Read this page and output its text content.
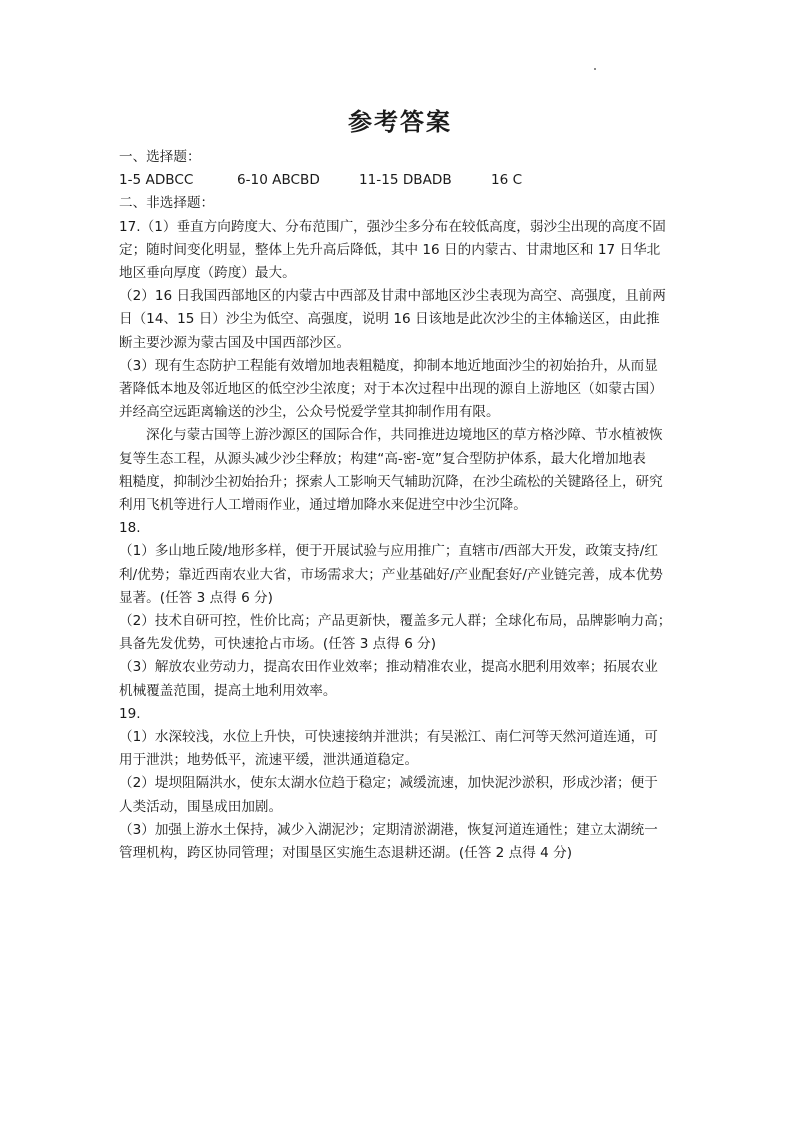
参考答案
一、选择题：
1-5 ADBCC	6-10 ABCBD	11-15 DBADB	16 C
二、非选择题：
17.（1）垂直方向跨度大、分布范围广，强沙尘多分布在较低高度，弱沙尘出现的高度不固
定；随时间变化明显，整体上先升高后降低，其中 16 日的内蒙古、甘肃地区和 17 日华北
地区垂向厚度（跨度）最大。
（2）16 日我国西部地区的内蒙古中西部及甘肃中部地区沙尘表现为高空、高强度，且前两
日（14、15 日）沙尘为低空、高强度，说明 16 日该地是此次沙尘的主体输送区，由此推
断主要沙源为蒙古国及中国西部沙区。
（3）现有生态防护工程能有效增加地表粗糙度，抑制本地近地面沙尘的初始抬升，从而显
著降低本地及邻近地区的低空沙尘浓度；对于本次过程中出现的源自上游地区（如蒙古国）
并经高空远距离输送的沙尘，公众号悦爱学堂其抑制作用有限。
深化与蒙古国等上游沙源区的国际合作，共同推进边境地区的草方格沙障、节水植被恢
复等生态工程，从源头减少沙尘释放；构建“高-密-宽”复合型防护体系，最大化增加地表
粗糙度，抑制沙尘初始抬升；探索人工影响天气辅助沉降，在沙尘疏松的关键路径上，研究
利用飞机等进行人工增雨作业，通过增加降水来促进空中沙尘沉降。
18.
（1）多山地丘陵/地形多样，便于开展试验与应用推广；直辖市/西部大开发，政策支持/红
利/优势；靠近西南农业大省，市场需求大；产业基础好/产业配套好/产业链完善，成本优势
显著。(任答 3 点得 6 分)
（2）技术自研可控，性价比高；产品更新快，覆盖多元人群；全球化布局，品牌影响力高；
具备先发优势，可快速抢占市场。(任答 3 点得 6 分)
（3）解放农业劳动力，提高农田作业效率；推动精准农业，提高水肥利用效率；拓展农业
机械覆盖范围，提高土地利用效率。
19.
（1）水深较浅，水位上升快，可快速接纳并泄洪；有吴淞江、南仁河等天然河道连通，可
用于泄洪；地势低平，流速平缓，泄洪通道稳定。
（2）堤坝阻隔洪水，使东太湖水位趋于稳定；减缓流速，加快泥沙淤积，形成沙渚；便于
人类活动，围垦成田加剧。
（3）加强上游水土保持，减少入湖泥沙；定期清淤湖港，恢复河道连通性；建立太湖统一
管理机构，跨区协同管理；对围垦区实施生态退耕还湖。(任答 2 点得 4 分)
